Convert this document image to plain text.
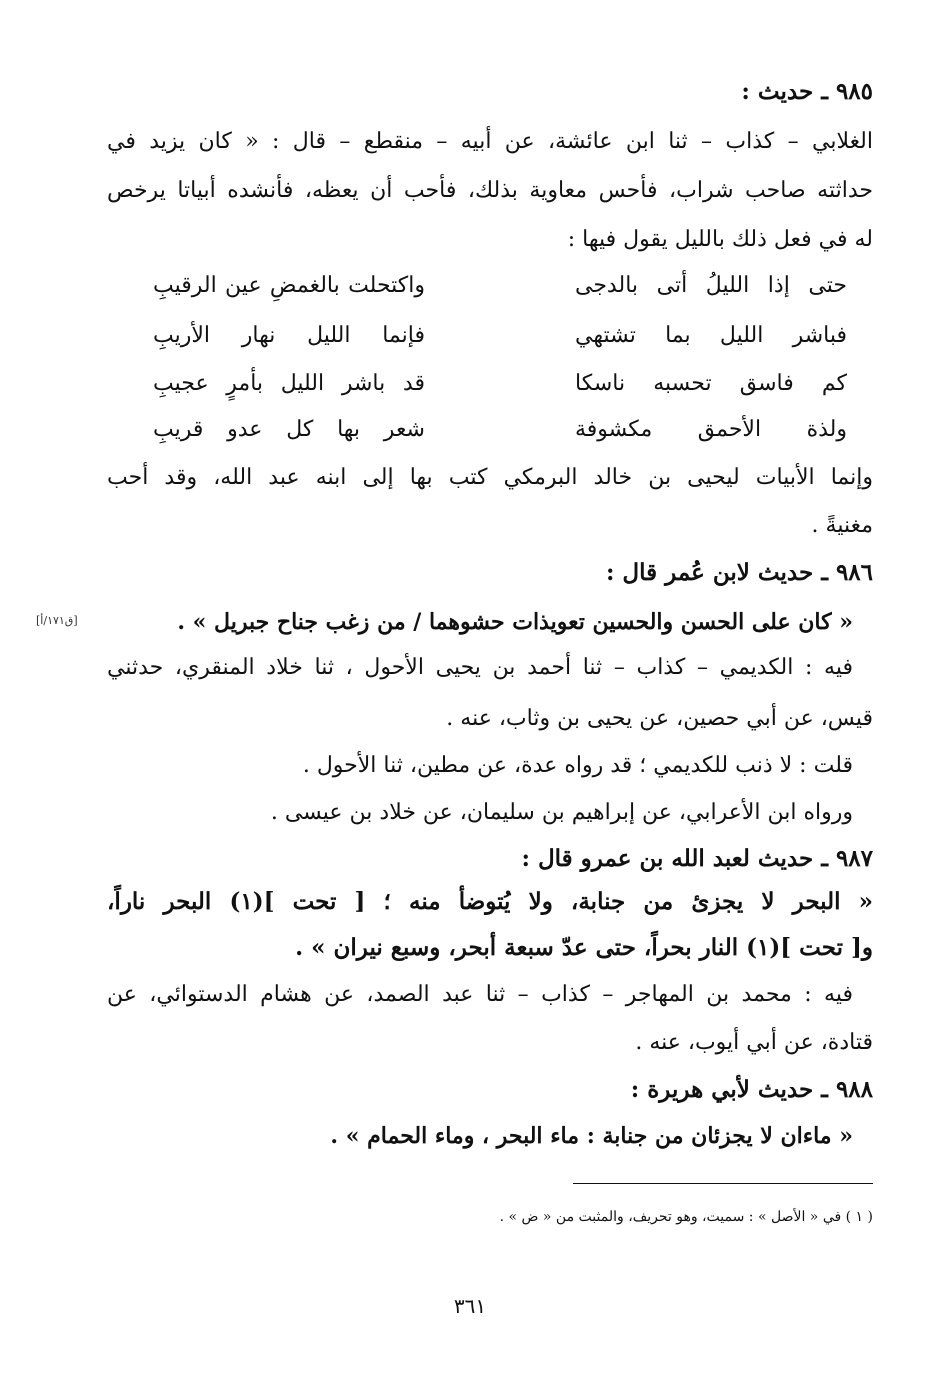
٩٨٥ ـ حديث :
الغلابي – كذاب – ثنا ابن عائشة، عن أبيه – منقطع – قال : « كان يزيد في
حداثته صاحب شراب، فأحس معاوية بذلك، فأحب أن يعظه، فأنشده أبياتا يرخص
له في فعل ذلك بالليل يقول فيها :
حتى إذا الليلُ أتى بالدجى
واكتحلت بالغمضِ عين الرقيبِ
فباشر الليل بما تشتهي
فإنما الليل نهار الأريبِ
كم فاسق تحسبه ناسكا
قد باشر الليل بأمرٍ عجيبِ
ولذة الأحمق مكشوفة
شعر بها كل عدو قريبِ
وإنما الأبيات ليحيى بن خالد البرمكي كتب بها إلى ابنه عبد الله، وقد أحب
مغنيةً .
٩٨٦ ـ حديث لابن عُمر قال :
« كان على الحسن والحسين تعويذات حشوهما / من زغب جناح جبريل » .
[ق١٧١/أ]
فيه : الكديمي – كذاب – ثنا أحمد بن يحيى الأحول ، ثنا خلاد المنقري، حدثني
قيس، عن أبي حصين، عن يحيى بن وثاب، عنه .
قلت : لا ذنب للكديمي ؛ قد رواه عدة، عن مطين، ثنا الأحول .
ورواه ابن الأعرابي، عن إبراهيم بن سليمان، عن خلاد بن عيسى .
٩٨٧ ـ حديث لعبد الله بن عمرو قال :
« البحر لا يجزئ من جنابة، ولا يُتوضأ منه ؛ [ تحت ](١) البحر ناراً،
و[ تحت ](١) النار بحراً، حتى عدّ سبعة أبحر، وسبع نيران » .
فيه : محمد بن المهاجر – كذاب – ثنا عبد الصمد، عن هشام الدستوائي، عن
قتادة، عن أبي أيوب، عنه .
٩٨٨ ـ حديث لأبي هريرة :
« ماءان لا يجزئان من جنابة : ماء البحر ، وماء الحمام » .
( ١ ) في « الأصل » : سميت، وهو تحريف، والمثبت من « ض » .
٣٦١
